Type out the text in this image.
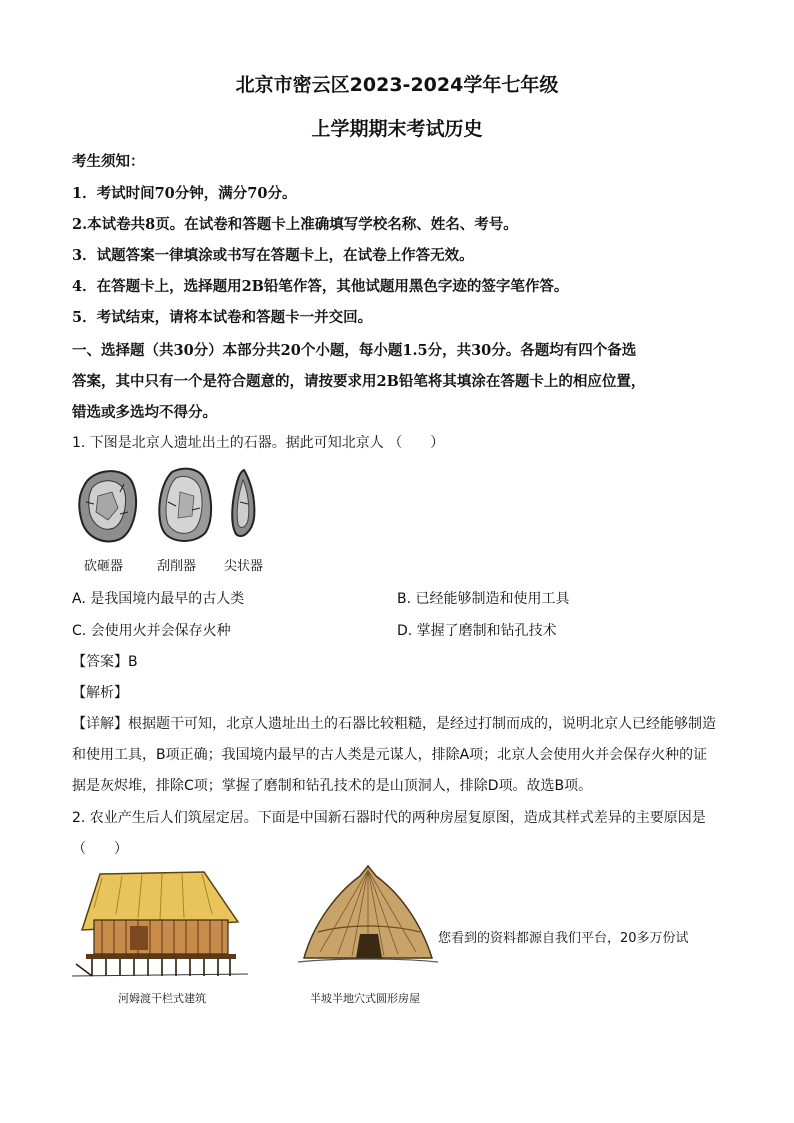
北京市密云区2023-2024学年七年级
上学期期末考试历史
考生须知：
1．考试时间70分钟，满分70分。
2.本试卷共8页。在试卷和答题卡上准确填写学校名称、姓名、考号。
3．试题答案一律填涂或书写在答题卡上，在试卷上作答无效。
4．在答题卡上，选择题用2B铅笔作答，其他试题用黑色字迹的签字笔作答。
5．考试结束，请将本试卷和答题卡一并交回。
一、选择题（共30分）本部分共20个小题，每小题1.5分，共30分。各题均有四个备选
答案，其中只有一个是符合题意的，请按要求用2B铅笔将其填涂在答题卡上的相应位置，
错选或多选均不得分。
1. 下图是北京人遗址出土的石器。据此可知北京人 （　　）
砍砸器	刮削器 尖状器
A. 是我国境内最早的古人类	B. 已经能够制造和使用工具
C. 会使用火并会保存火种	D. 掌握了磨制和钻孔技术
【答案】B
【解析】
【详解】根据题干可知，北京人遗址出土的石器比较粗糙，是经过打制而成的，说明北京人已经能够制造
和使用工具，B项正确；我国境内最早的古人类是元谋人，排除A项；北京人会使用火并会保存火种的证
据是灰烬堆，排除C项；掌握了磨制和钻孔技术的是山顶洞人，排除D项。故选B项。
2. 农业产生后人们筑屋定居。下面是中国新石器时代的两种房屋复原图，造成其样式差异的主要原因是
（　　）
河姆渡干栏式建筑	半坡半地穴式圆形房屋
您看到的资料都源自我们平台，20多万份试
